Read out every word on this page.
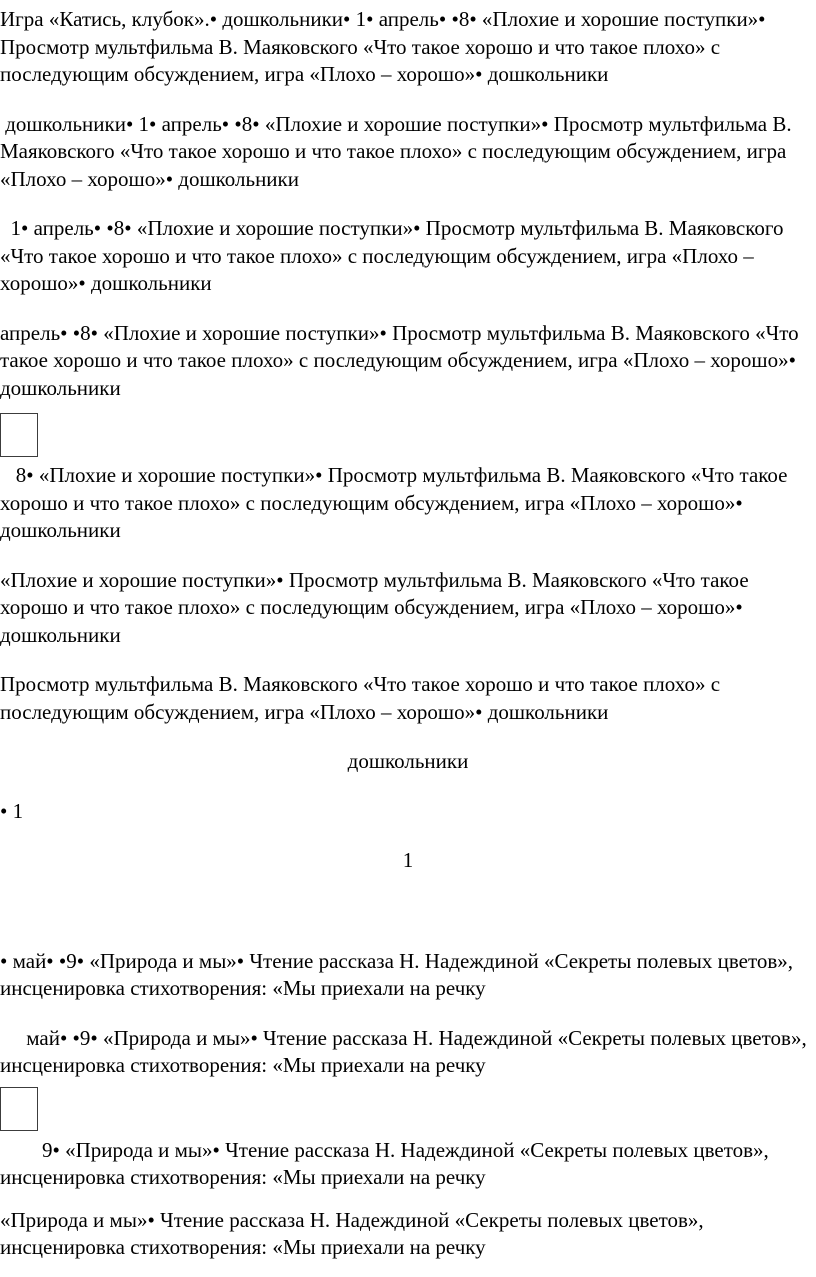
Игра «Катись, клубок».• дошкольники• 1• апрель• •8• «Плохие и хорошие поступки»• Просмотр мультфильма В. Маяковского «Что такое хорошо и что такое плохо» с последующим обсуждением, игра «Плохо – хорошо»• дошкольники

дошкольники• 1• апрель• •8• «Плохие и хорошие поступки»• Просмотр мультфильма В. Маяковского «Что такое хорошо и что такое плохо» с последующим обсуждением, игра «Плохо – хорошо»• дошкольники

1• апрель• •8• «Плохие и хорошие поступки»• Просмотр мультфильма В. Маяковского «Что такое хорошо и что такое плохо» с последующим обсуждением, игра «Плохо – хорошо»• дошкольники

апрель• •8• «Плохие и хорошие поступки»• Просмотр мультфильма В. Маяковского «Что такое хорошо и что такое плохо» с последующим обсуждением, игра «Плохо – хорошо»• дошкольники

8• «Плохие и хорошие поступки»• Просмотр мультфильма В. Маяковского «Что такое хорошо и что такое плохо» с последующим обсуждением, игра «Плохо – хорошо»• дошкольники

«Плохие и хорошие поступки»• Просмотр мультфильма В. Маяковского «Что такое хорошо и что такое плохо» с последующим обсуждением, игра «Плохо – хорошо»• дошкольники

Просмотр мультфильма В. Маяковского «Что такое хорошо и что такое плохо» с последующим обсуждением, игра «Плохо – хорошо»• дошкольники

дошкольники

• 1

1

• май• •9• «Природа и мы»• Чтение рассказа Н. Надеждиной «Секреты полевых цветов», инсценировка стихотворения: «Мы приехали на речку

май• •9• «Природа и мы»• Чтение рассказа Н. Надеждиной «Секреты полевых цветов», инсценировка стихотворения: «Мы приехали на речку

9• «Природа и мы»• Чтение рассказа Н. Надеждиной «Секреты полевых цветов», инсценировка стихотворения: «Мы приехали на речку

«Природа и мы»• Чтение рассказа Н. Надеждиной «Секреты полевых цветов», инсценировка стихотворения: «Мы приехали на речку
